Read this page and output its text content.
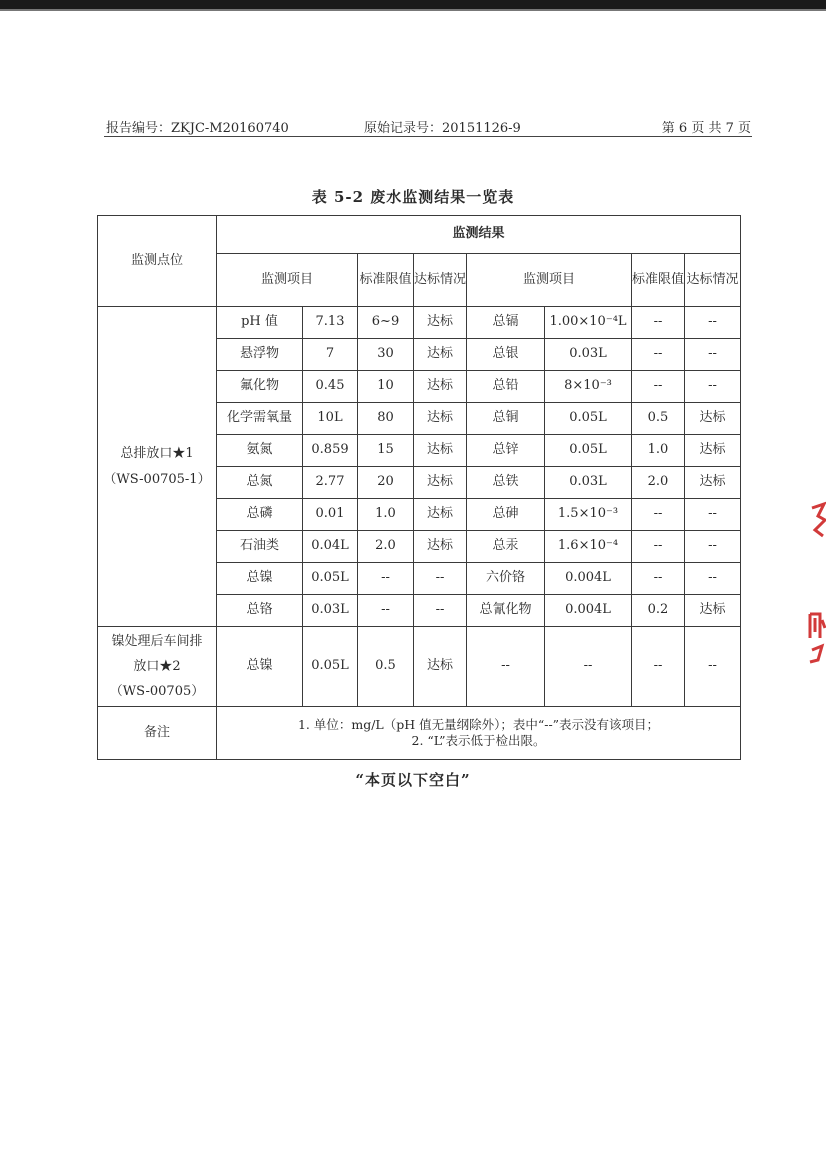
报告编号：ZKJC-M20160740	原始记录号：20151126-9	第 6 页 共 7 页
表 5-2 废水监测结果一览表
监测点位	监测结果							
	监测项目		标准限值	达标情况	监测项目		标准限值	达标情况

总排放口★1
（WS-00705-1）	pH 值	7.13	6~9	达标	总镉	1.00×10⁻⁴L	--	--
	悬浮物	7	30	达标	总银	0.03L	--	--
	氟化物	0.45	10	达标	总铅	8×10⁻³	--	--
	化学需氧量	10L	80	达标	总铜	0.05L	0.5	达标
	氨氮	0.859	15	达标	总锌	0.05L	1.0	达标
	总氮	2.77	20	达标	总铁	0.03L	2.0	达标
	总磷	0.01	1.0	达标	总砷	1.5×10⁻³	--	--
	石油类	0.04L	2.0	达标	总汞	1.6×10⁻⁴	--	--
	总镍	0.05L	--	--	六价铬	0.004L	--	--
	总铬	0.03L	--	--	总氰化物	0.004L	0.2	达标

镍处理后车间排
放口★2
（WS-00705）	总镍	0.05L	0.5	达标	--	--	--	--
备注	1. 单位：mg/L（pH 值无量纲除外）；表中“--”表示没有该项目；
2. “L”表示低于检出限。							
“本页以下空白”
